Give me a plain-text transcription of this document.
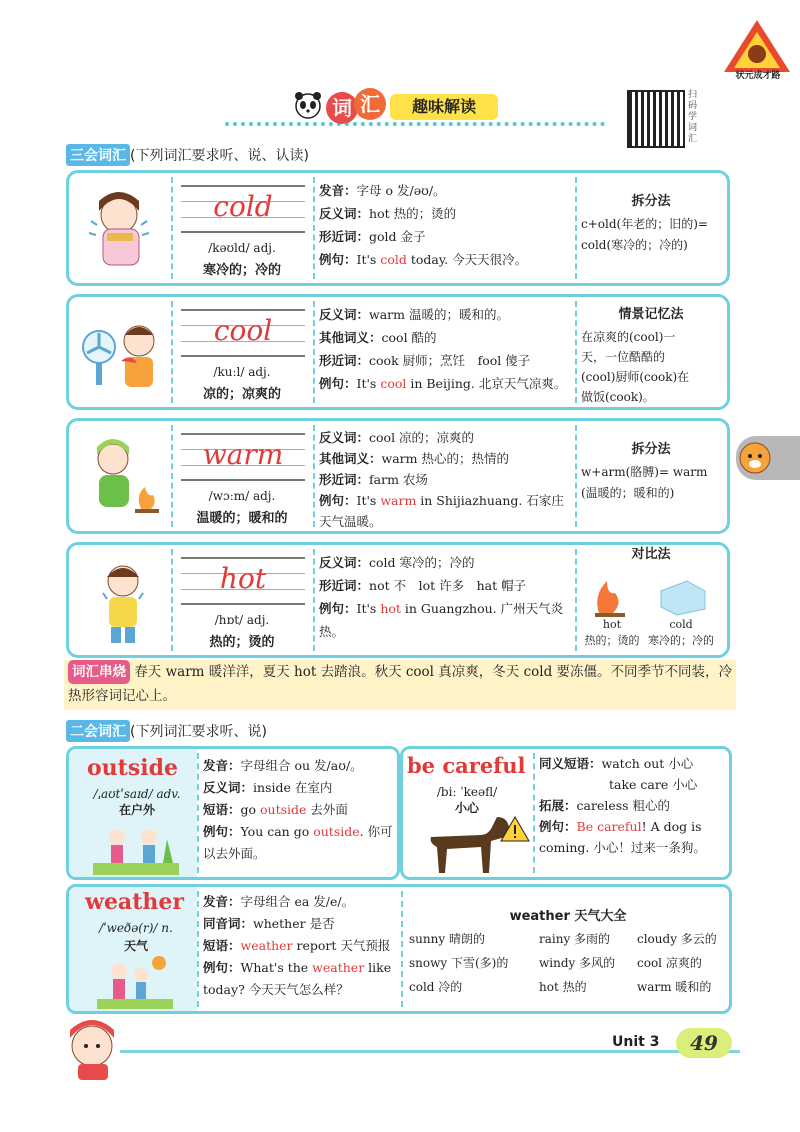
状元成才路
词 汇	趣味解读
扫码学词汇
三会词汇 (下列词汇要求听、说、认读)
cold
/kəʊld/ adj.
寒冷的；冷的
发音：字母 o 发/əʊ/。
反义词：hot 热的；烫的
形近词：gold 金子
例句：It's cold today. 今天天很冷。
拆分法
c+old(年老的；旧的)=
cold(寒冷的；冷的)
cool
/kuːl/ adj.
凉的；凉爽的
反义词：warm 温暖的；暖和的。
其他词义：cool 酷的
形近词：cook 厨师；烹饪　fool 傻子
例句：It's cool in Beijing. 北京天气凉爽。
情景记忆法
在凉爽的(cool)一
天，一位酷酷的
(cool)厨师(cook)在
做饭(cook)。
warm
/wɔːm/ adj.
温暖的；暖和的
反义词：cool 凉的；凉爽的
其他词义：warm 热心的；热情的
形近词：farm 农场
例句：It's warm in Shijiazhuang. 石家庄天气温暖。
拆分法
w+arm(胳膊)= warm
(温暖的；暖和的)
hot
/hɒt/ adj.
热的；烫的
反义词：cold 寒冷的；冷的
形近词：not 不　lot 许多　hat 帽子
例句：It's hot in Guangzhou. 广州天气炎热。
对比法
hot	cold
热的；烫的 寒冷的；冷的
词汇串烧 春天 warm 暖洋洋，夏天 hot 去踏浪。秋天 cool 真凉爽，冬天 cold 要冻僵。不同季节不同装，冷热形容词记心上。
二会词汇 (下列词汇要求听、说)
outside
/ˌaʊtˈsaɪd/ adv.
在户外
发音：字母组合 ou 发/aʊ/。
反义词：inside 在室内
短语：go outside 去外面
例句：You can go outside. 你可以去外面。
be careful
/biː ˈkeəfl/
小心
同义短语：watch out 小心
take care 小心
拓展：careless 粗心的
例句：Be careful! A dog is coming. 小心！过来一条狗。
weather
/ˈweðə(r)/ n.
天气
发音：字母组合 ea 发/e/。
同音词：whether 是否
短语：weather report 天气预报
例句：What's the weather like today? 今天天气怎么样？
weather 天气大全
sunny 晴朗的	rainy 多雨的 cloudy 多云的
snowy 下雪(多)的	windy 多风的 cool 凉爽的
cold 冷的	hot 热的	warm 暖和的
Unit 3	49
